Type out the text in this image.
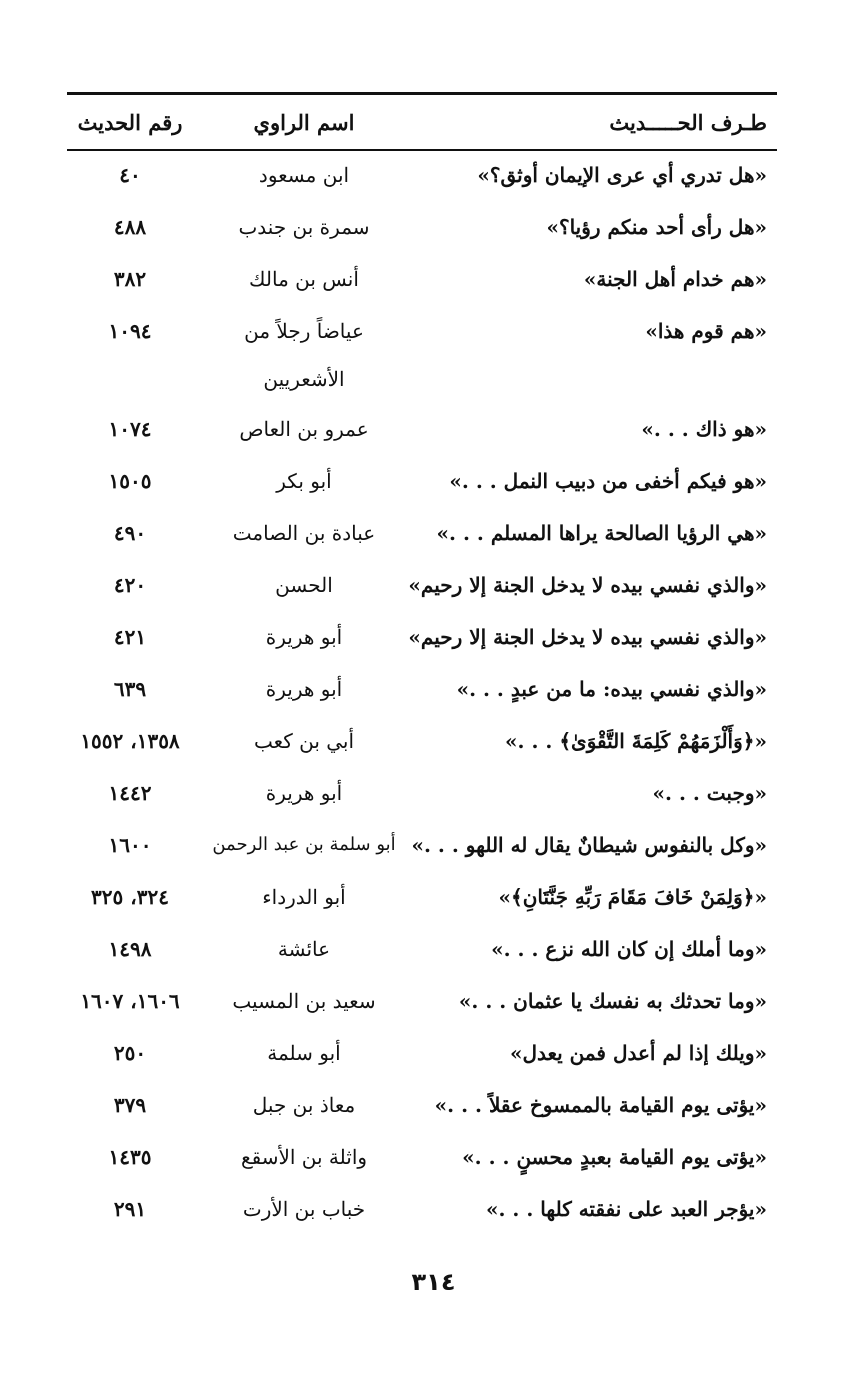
طـرف الحـــــديث
اسم الراوي
رقم الحديث
«هل تدري أي عرى الإيمان أوثق؟»
ابن مسعود
٤٠
«هل رأى أحد منكم رؤيا؟»
سمرة بن جندب
٤٨٨
«هم خدام أهل الجنة»
أنس بن مالك
٣٨٢
«هم قوم هذا»
عياضاً رجلاً من الأشعريين
١٠٩٤
«هو ذاك . . .»
عمرو بن العاص
١٠٧٤
«هو فيكم أخفى من دبيب النمل . . .»
أبو بكر
١٥٠٥
«هي الرؤيا الصالحة يراها المسلم . . .»
عبادة بن الصامت
٤٩٠
«والذي نفسي بيده لا يدخل الجنة إلا رحيم»
الحسن
٤٢٠
«والذي نفسي بيده لا يدخل الجنة إلا رحيم»
أبو هريرة
٤٢١
«والذي نفسي بيده: ما من عبدٍ . . .»
أبو هريرة
٦٣٩
«﴿وَأَلْزَمَهُمْ كَلِمَةَ التَّقْوَىٰ﴾ . . .»
أبي بن كعب
١٣٥٨، ١٥٥٢
«وجبت . . .»
أبو هريرة
١٤٤٢
«وكل بالنفوس شيطانٌ يقال له اللهو . . .»
أبو سلمة بن عبد الرحمن
١٦٠٠
«﴿وَلِمَنْ خَافَ مَقَامَ رَبِّهِ جَنَّتَانِ﴾»
أبو الدرداء
٣٢٤، ٣٢٥
«وما أملك إن كان الله نزع . . .»
عائشة
١٤٩٨
«وما تحدثك به نفسك يا عثمان . . .»
سعيد بن المسيب
١٦٠٦، ١٦٠٧
«ويلك إذا لم أعدل فمن يعدل»
أبو سلمة
٢٥٠
«يؤتى يوم القيامة بالممسوخ عقلاً . . .»
معاذ بن جبل
٣٧٩
«يؤتى يوم القيامة بعبدٍ محسنٍ . . .»
واثلة بن الأسقع
١٤٣٥
«يؤجر العبد على نفقته كلها . . .»
خباب بن الأرت
٢٩١
٣١٤
